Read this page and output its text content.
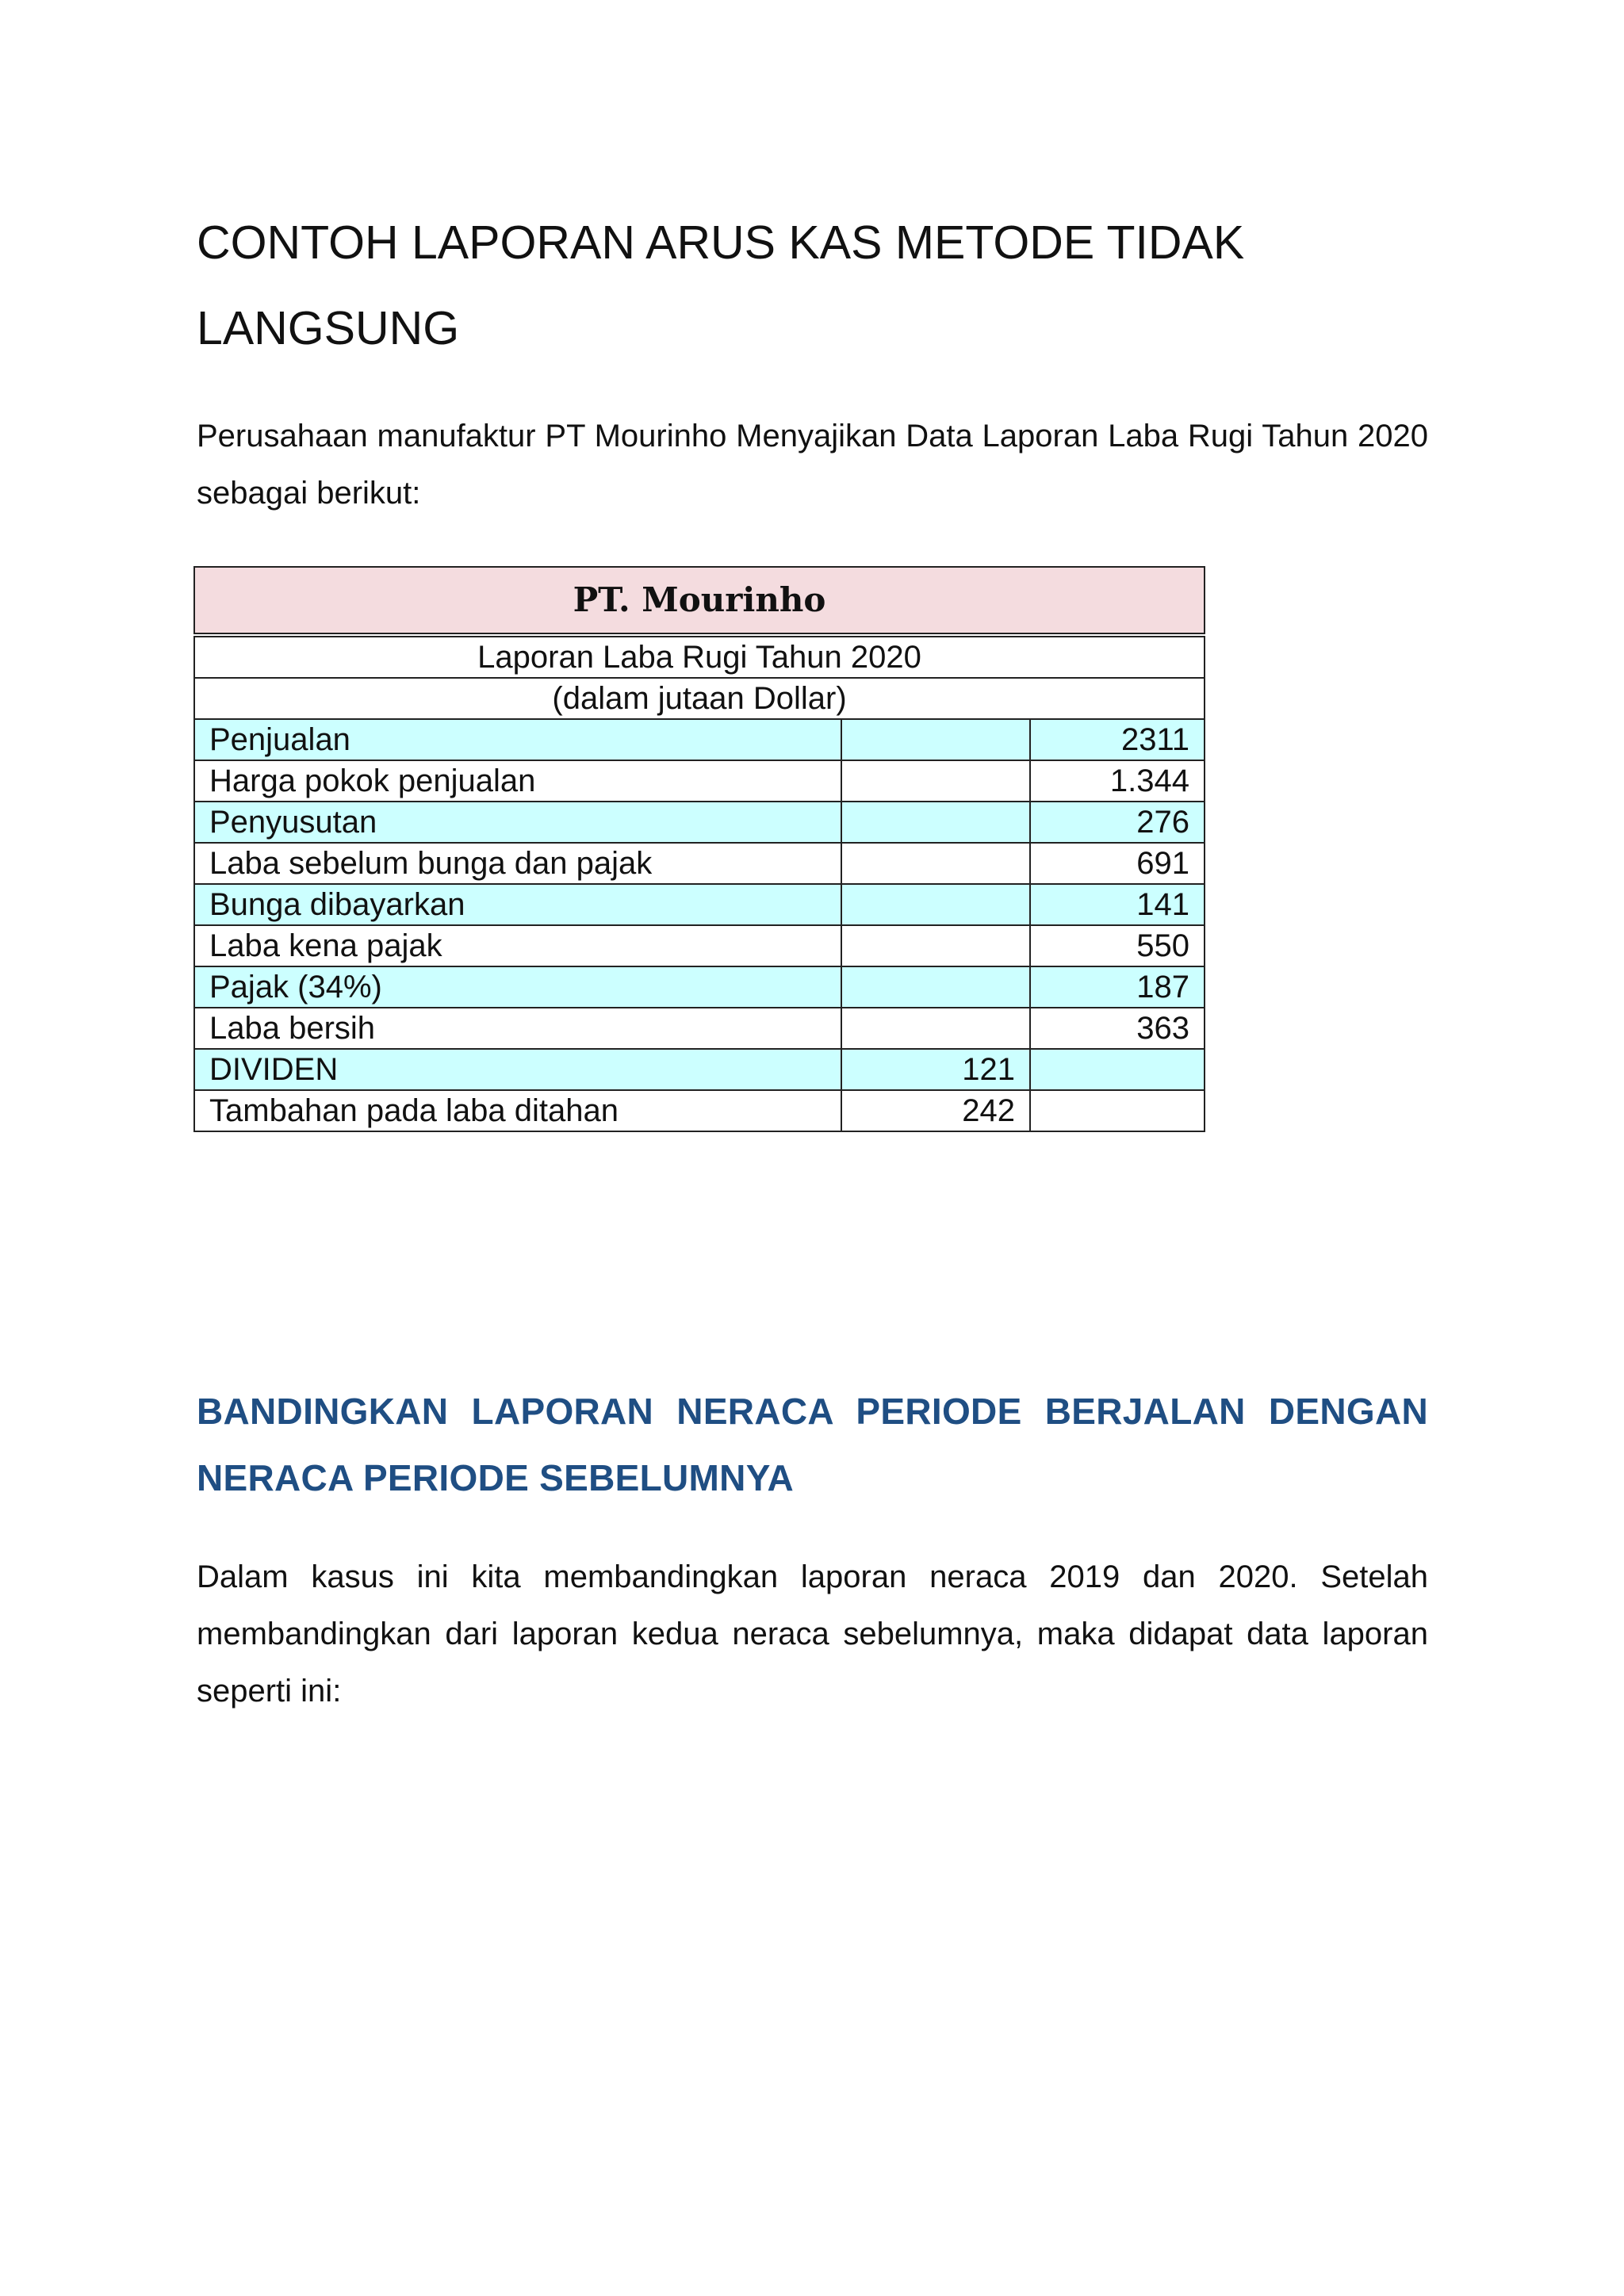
CONTOH LAPORAN ARUS KAS METODE TIDAK LANGSUNG

Perusahaan manufaktur PT Mourinho Menyajikan Data Laporan Laba Rugi Tahun 2020 sebagai berikut:

PT. Mourinho		
Laporan Laba Rugi Tahun 2020		
(dalam jutaan Dollar)		
Penjualan		2311
Harga pokok penjualan		1.344
Penyusutan		276
Laba sebelum bunga dan pajak		691
Bunga dibayarkan		141
Laba kena pajak		550
Pajak (34%)		187
Laba bersih		363
DIVIDEN	121	
Tambahan pada laba ditahan	242	
BANDINGKAN LAPORAN NERACA PERIODE BERJALAN DENGAN NERACA PERIODE SEBELUMNYA

Dalam kasus ini kita membandingkan laporan neraca 2019 dan 2020. Setelah membandingkan dari laporan kedua neraca sebelumnya, maka didapat data laporan seperti ini:
